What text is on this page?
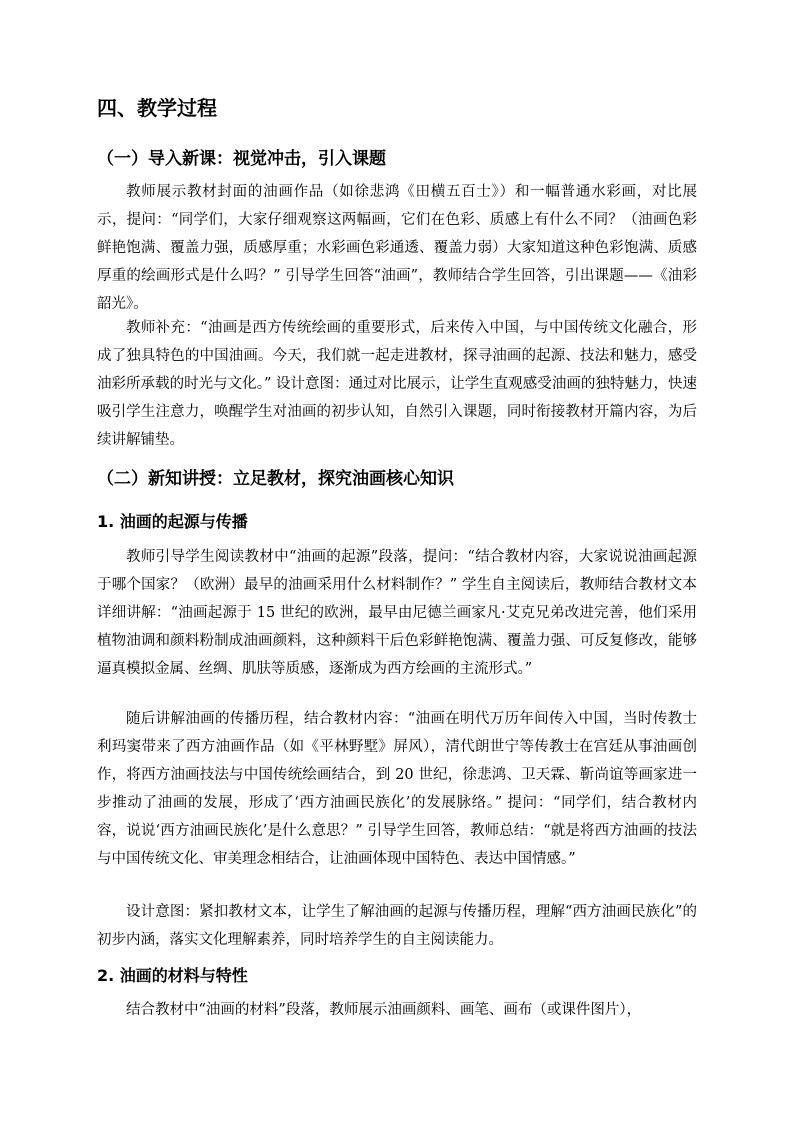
四、教学过程
（一）导入新课：视觉冲击，引入课题

教师展示教材封面的油画作品（如徐悲鸿《田横五百士》）和一幅普通水彩画，对比展示，提问：“同学们，大家仔细观察这两幅画，它们在色彩、质感上有什么不同？（油画色彩鲜艳饱满、覆盖力强，质感厚重；水彩画色彩通透、覆盖力弱）大家知道这种色彩饱满、质感厚重的绘画形式是什么吗？” 引导学生回答“油画”，教师结合学生回答，引出课题——《油彩韶光》。

教师补充：“油画是西方传统绘画的重要形式，后来传入中国，与中国传统文化融合，形成了独具特色的中国油画。今天，我们就一起走进教材，探寻油画的起源、技法和魅力，感受油彩所承载的时光与文化。” 设计意图：通过对比展示，让学生直观感受油画的独特魅力，快速吸引学生注意力，唤醒学生对油画的初步认知，自然引入课题，同时衔接教材开篇内容，为后续讲解铺垫。

（二）新知讲授：立足教材，探究油画核心知识
1. 油画的起源与传播

教师引导学生阅读教材中“油画的起源”段落，提问：“结合教材内容，大家说说油画起源于哪个国家？（欧洲）最早的油画采用什么材料制作？” 学生自主阅读后，教师结合教材文本详细讲解：“油画起源于 15 世纪的欧洲，最早由尼德兰画家凡·艾克兄弟改进完善，他们采用植物油调和颜料粉制成油画颜料，这种颜料干后色彩鲜艳饱满、覆盖力强、可反复修改，能够逼真模拟金属、丝绸、肌肤等质感，逐渐成为西方绘画的主流形式。”

随后讲解油画的传播历程，结合教材内容：“油画在明代万历年间传入中国，当时传教士利玛窦带来了西方油画作品（如《平林野墅》屏风），清代朗世宁等传教士在宫廷从事油画创作，将西方油画技法与中国传统绘画结合，到 20 世纪，徐悲鸿、卫天霖、靳尚谊等画家进一步推动了油画的发展，形成了‘西方油画民族化’的发展脉络。” 提问：“同学们，结合教材内容，说说‘西方油画民族化’是什么意思？” 引导学生回答，教师总结：“就是将西方油画的技法与中国传统文化、审美理念相结合，让油画体现中国特色、表达中国情感。”

设计意图：紧扣教材文本，让学生了解油画的起源与传播历程，理解“西方油画民族化”的初步内涵，落实文化理解素养，同时培养学生的自主阅读能力。

2. 油画的材料与特性

结合教材中“油画的材料”段落，教师展示油画颜料、画笔、画布（或课件图片），
